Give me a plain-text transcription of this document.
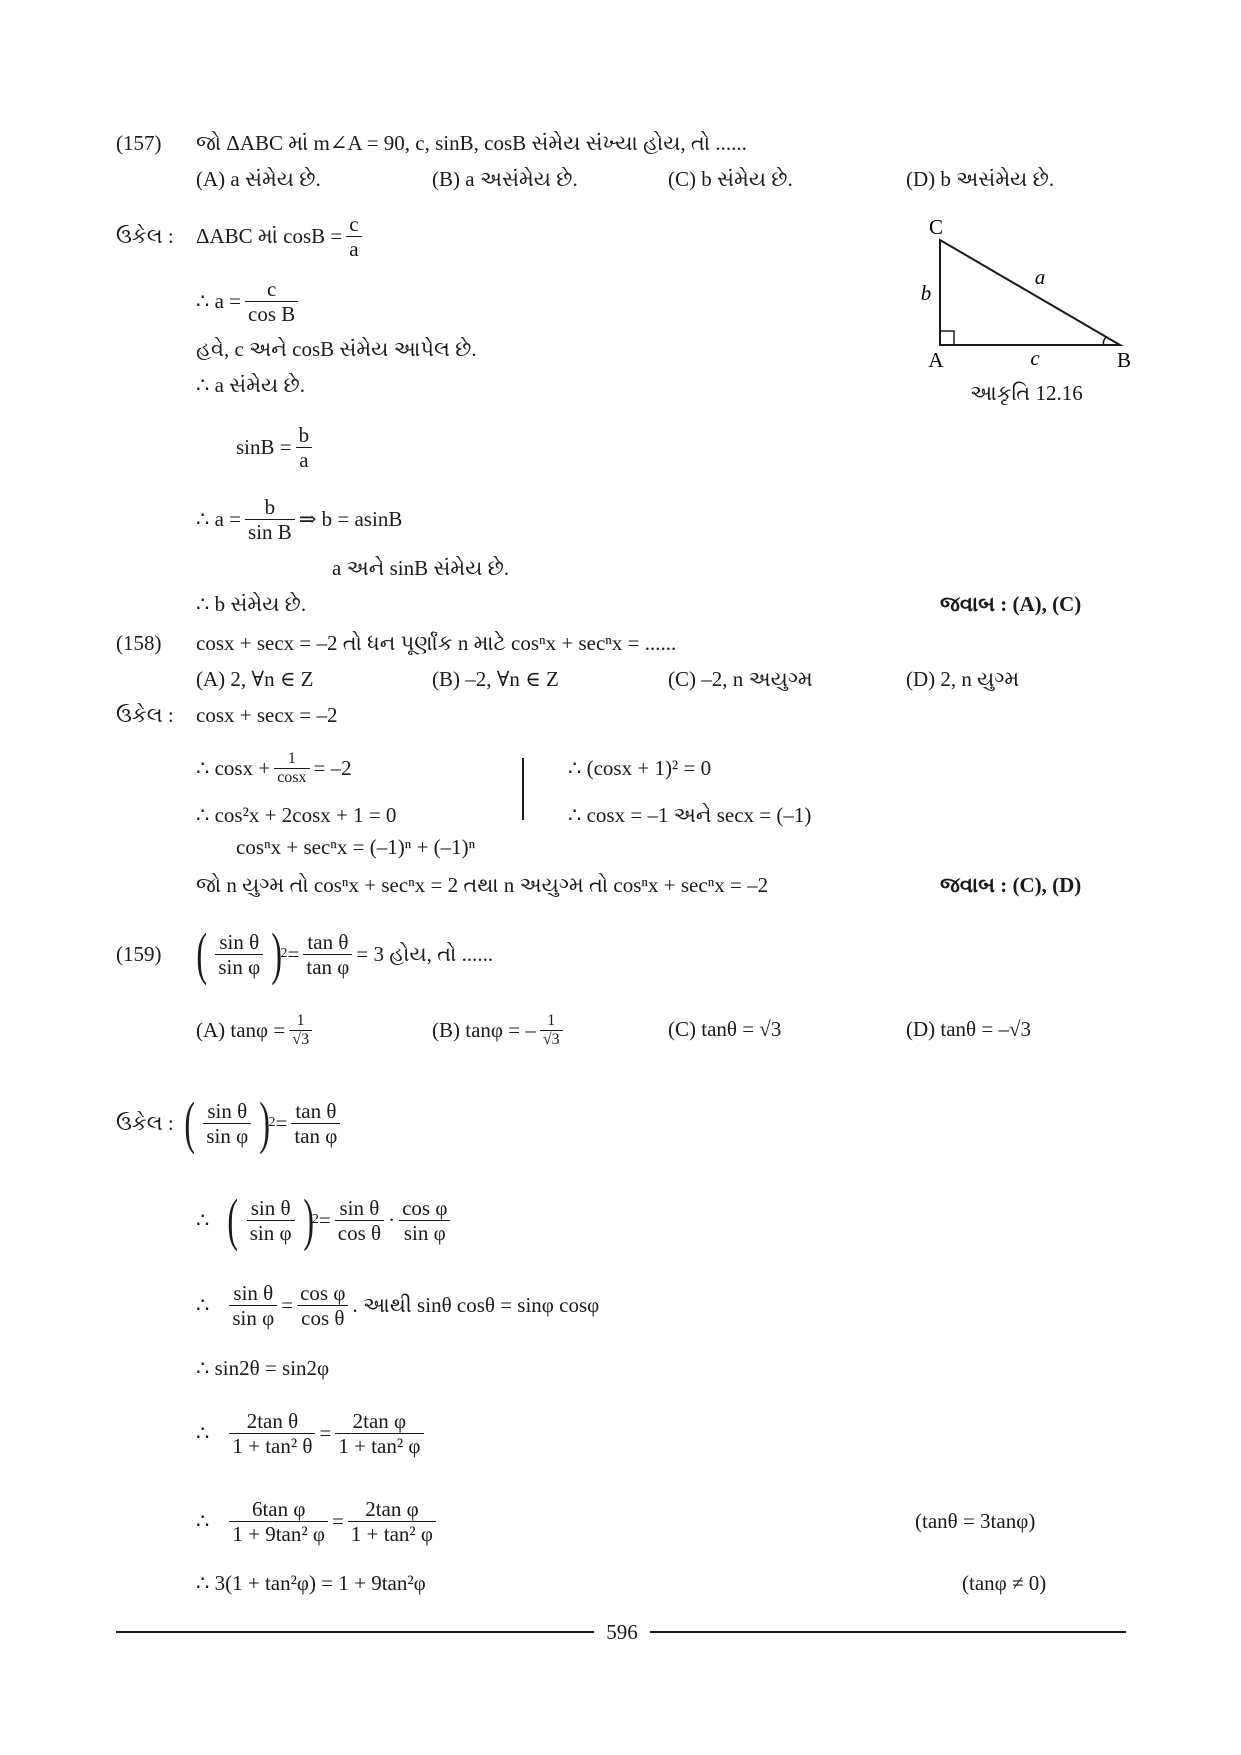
(157) જો ΔABC માં m∠A = 90, c, sinB, cosB સંમેય સંખ્યા હોય, તો ......
(A) a સંમેય છે.	(B) a અસંમેય છે.	(C) b સંમેય છે.	(D) b અસંમેય છે.
ઉકેલ : ΔABC માં $\cos B = \frac{c}{a}$
∴ $a = \frac{c}{\text{cos B}}$
હવે, c અને cosB સંમેય આપેલ છે.
∴ a સંમેય છે.
$\sin B = \frac{b}{a}$
∴ $a = \frac{b}{\text{sin B}}$ ⇒ b = asinB
a અને sinB સંમેય છે.
∴ b સંમેય છે.	જવાબ : (A), (C)
C
A	B
a
b
c
આકૃતિ 12.16
(158) cosx + secx = –2 તો ધન પૂર્ણાંક n માટે cosⁿx + secⁿx = ......
(A) 2, ∀n ∈ Z	(B) –2, ∀n ∈ Z	(C) –2, n અયુગ્મ	(D) 2, n યુગ્મ
ઉકેલ : cosx + secx = –2
∴ $\cos x + \frac{1}{\cos x} = -2$
∴ cos²x + 2cosx + 1 = 0
∴ (cosx + 1)² = 0
∴ cosx = –1 અને secx = (–1)
cosⁿx + secⁿx = (–1)ⁿ + (–1)ⁿ
જો n યુગ્મ તો cosⁿx + secⁿx = 2 તથા n અયુગ્મ તો cosⁿx + secⁿx = –2	જવાબ : (C), (D)
(159) ( $\frac{\text{sin θ}}{\text{sin φ}}$ )
$2 = \frac{\text{tan θ}}{\text{tan φ}} = 3$ હોય, તો ......
(A) $\tan\varphi = \frac{1}{√3}$	(B) tanφ = – $\frac{1}{√3}$	(C) tanθ = √3	(D) tanθ = –√3
ઉકેલ : ( $\frac{\text{sin θ}}{\text{sin φ}}$ )
$2 = \frac{\text{tan θ}}{\text{tan φ}}$
∴ ( $\frac{\text{sin θ}}{\text{sin φ}}$ )
$2 = \frac{\text{sin θ}}{\text{cos θ}} \cdot \frac{\text{cos φ}}{\text{sin φ}}$
∴ $\frac{\text{sin θ}}{\text{sin φ}} = \frac{\text{cos φ}}{\text{cos θ}}$ . આથી sinθ cosθ = sinφ cosφ
∴ sin2θ = sin2φ
∴ $\frac{\text{2tan θ}}{\text{1 + tan² θ}} = \frac{\text{2tan φ}}{\text{1 + tan² φ}}$
∴ $\frac{\text{6tan φ}}{\text{1 + 9tan² φ}} = \frac{\text{2tan φ}}{\text{1 + tan² φ}}$	(tanθ = 3tanφ)
∴ 3(1 + tan²φ) = 1 + 9tan²φ	(tanφ ≠ 0)
596
